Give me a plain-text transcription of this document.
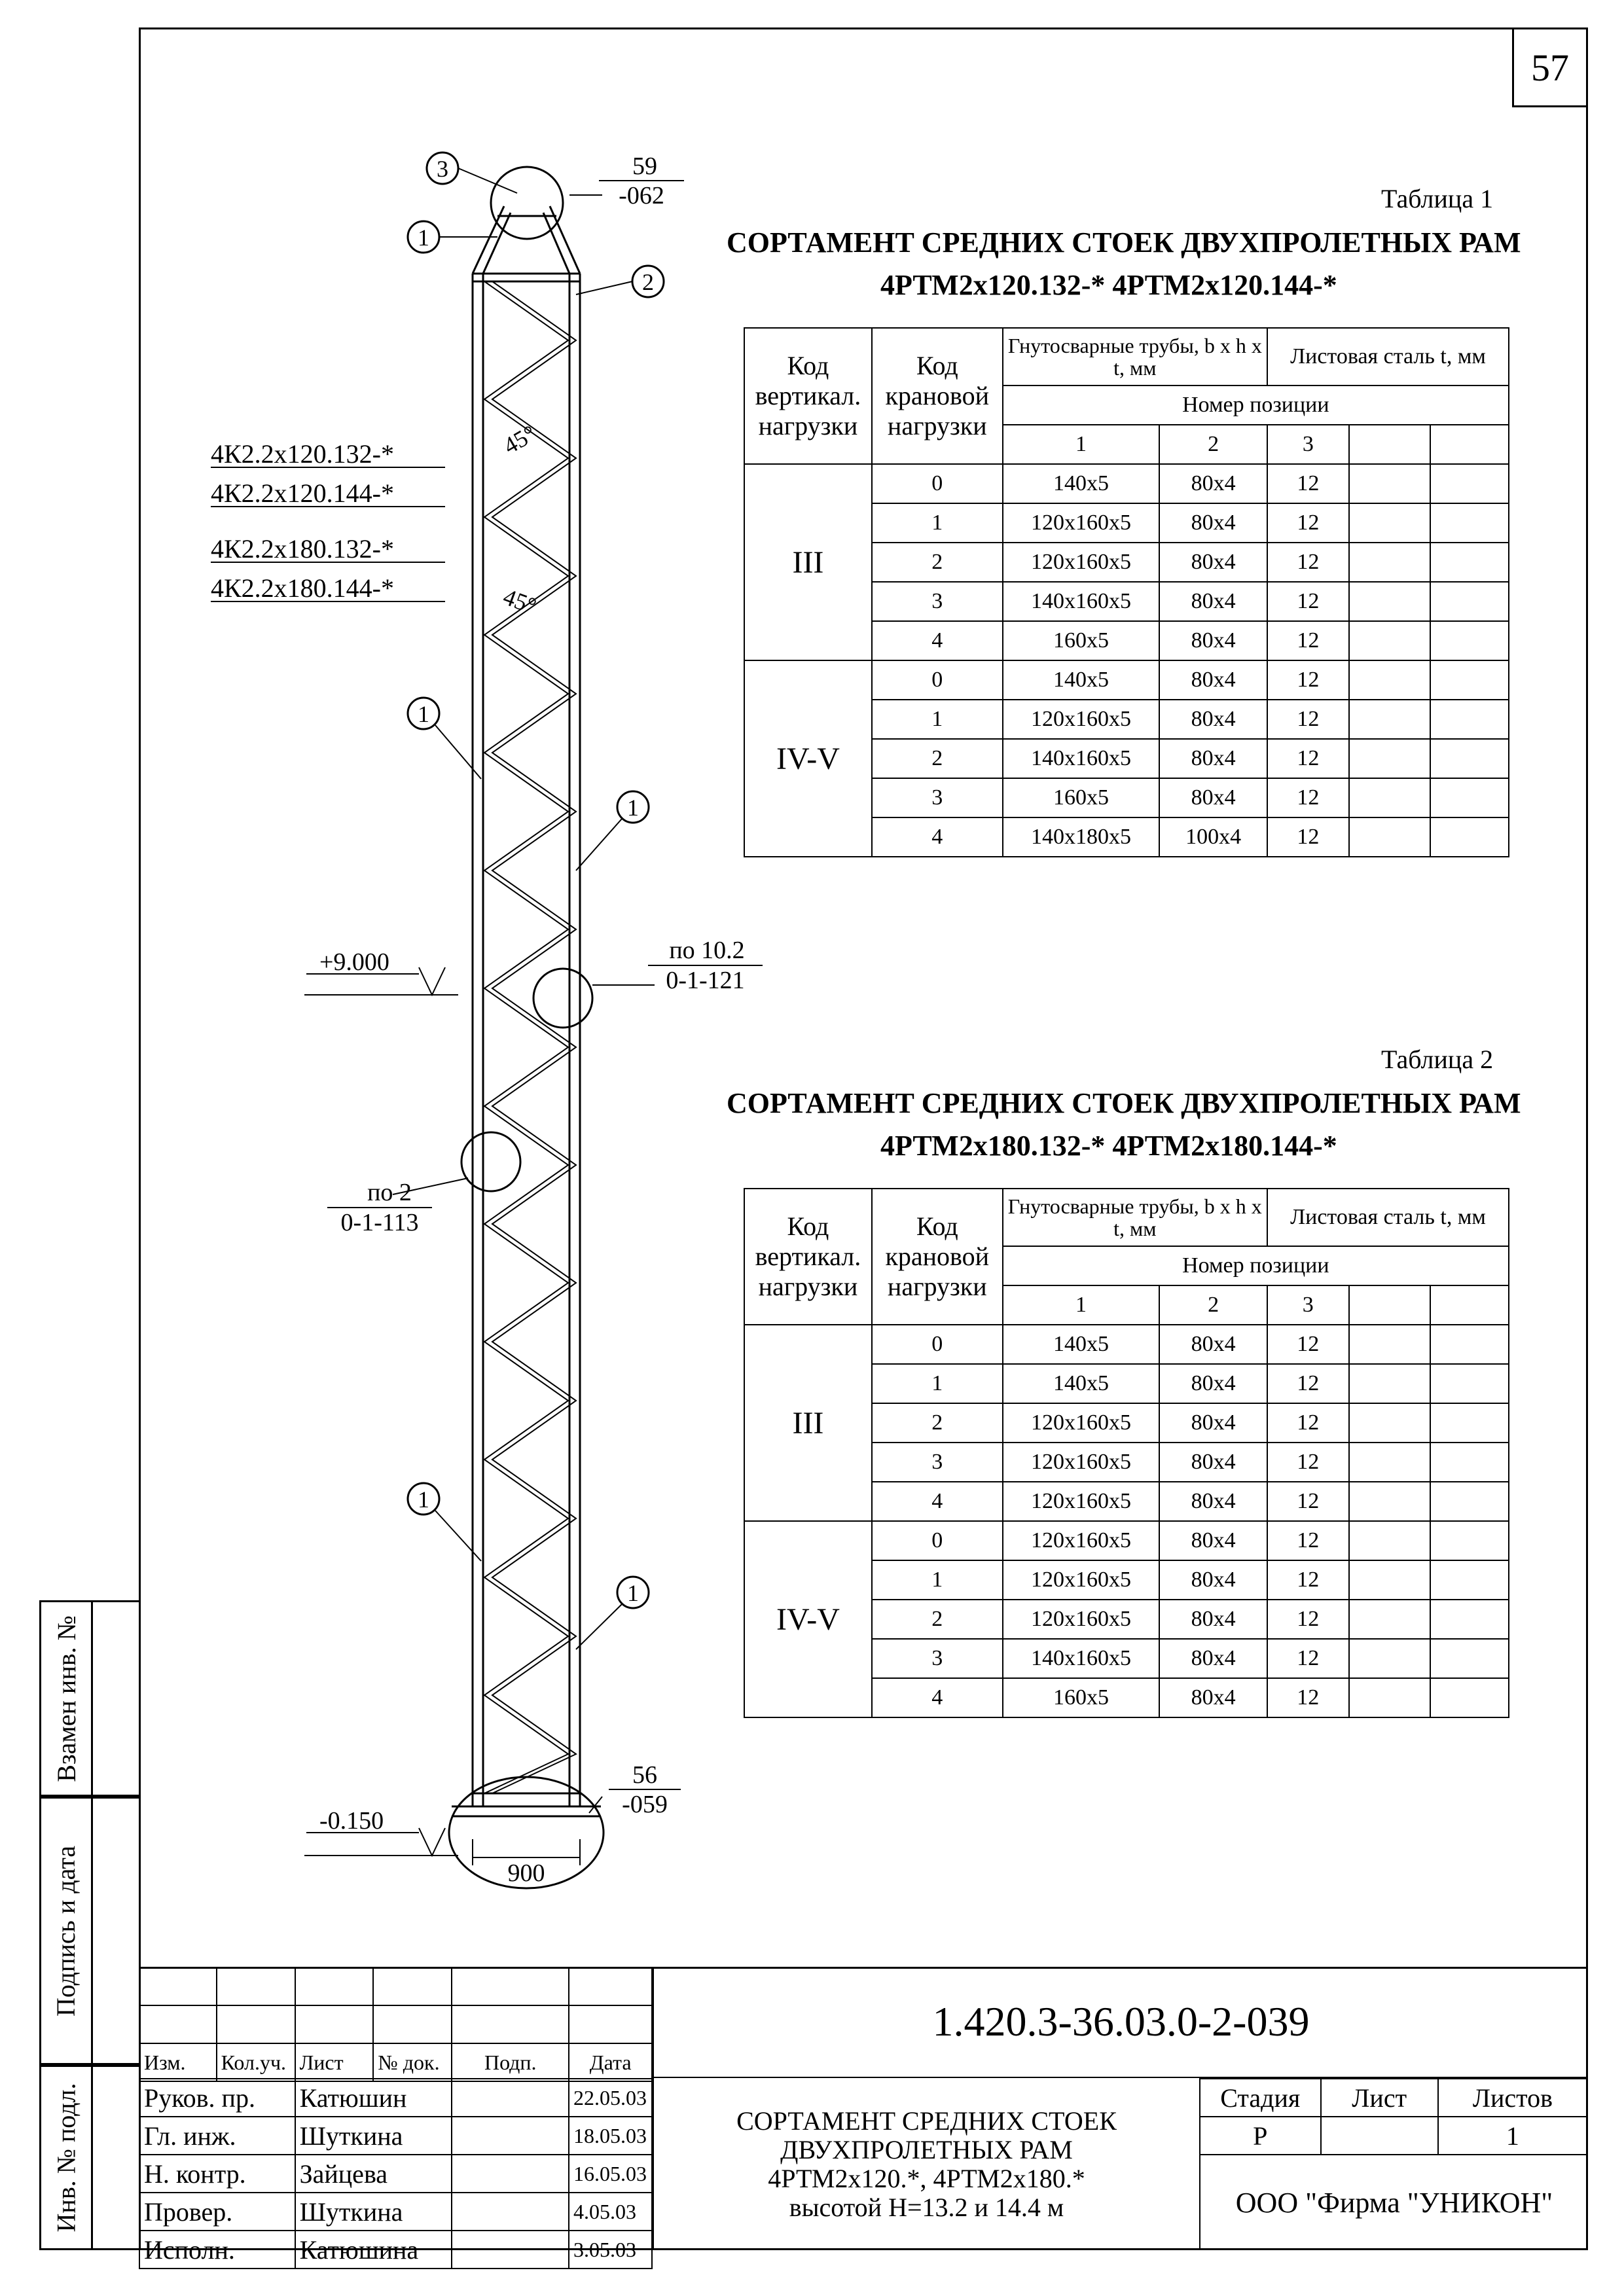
57
Взамен инв. №
Подпись и дата
Инв. № подл.
3
1
2
1
1
1
1
45°
45°
59
-062
4К2.2х120.132-*
4К2.2х120.144-*
4К2.2х180.132-*
4К2.2х180.144-*
+9.000
-0.150
по 10.2
0-1-121
по 2
0-1-113
56
-059
900
Таблица 1
СОРТАМЕНТ СРЕДНИХ СТОЕК ДВУХПРОЛЕТНЫХ РАМ
4РТМ2х120.132-* 4РТМ2х120.144-*
Код вертикал. нагрузки	Код крановой нагрузки	Гнутосварные трубы, b x h x t, мм		Листовая сталь t, мм		
		Номер позиции				
		1	2	3		
III	0	140х5	80х4	12		
	1	120х160х5	80х4	12		
	2	120х160х5	80х4	12		
	3	140х160х5	80х4	12		
	4	160х5	80х4	12		
IV-V	0	140х5	80х4	12		
	1	120х160х5	80х4	12		
	2	140х160х5	80х4	12		
	3	160х5	80х4	12		
	4	140х180х5	100х4	12		
Таблица 2
СОРТАМЕНТ СРЕДНИХ СТОЕК ДВУХПРОЛЕТНЫХ РАМ
4РТМ2х180.132-* 4РТМ2х180.144-*
Код вертикал. нагрузки	Код крановой нагрузки	Гнутосварные трубы, b x h x t, мм		Листовая сталь t, мм		
		Номер позиции				
		1	2	3		
III	0	140х5	80х4	12		
	1	140х5	80х4	12		
	2	120х160х5	80х4	12		
	3	120х160х5	80х4	12		
	4	120х160х5	80х4	12		
IV-V	0	120х160х5	80х4	12		
	1	120х160х5	80х4	12		
	2	120х160х5	80х4	12		
	3	140х160х5	80х4	12		
	4	160х5	80х4	12		

Изм.	Кол.уч.	Лист	№ док.	Подп.	Дата
Руков. пр.	Катюшин		22.05.03
Гл. инж.	Шуткина		18.05.03
Н. контр.	Зайцева		16.05.03
Провер.	Шуткина		4.05.03
Исполн.	Катюшина		3.05.03
1.420.3-36.03.0-2-039
СОРТАМЕНТ СРЕДНИХ СТОЕК
ДВУХПРОЛЕТНЫХ РАМ
4РТМ2х120.*, 4РТМ2х180.*
высотой Н=13.2 и 14.4 м
Стадия	Лист	Листов
Р		1
ООО "Фирма "УНИКОН"
